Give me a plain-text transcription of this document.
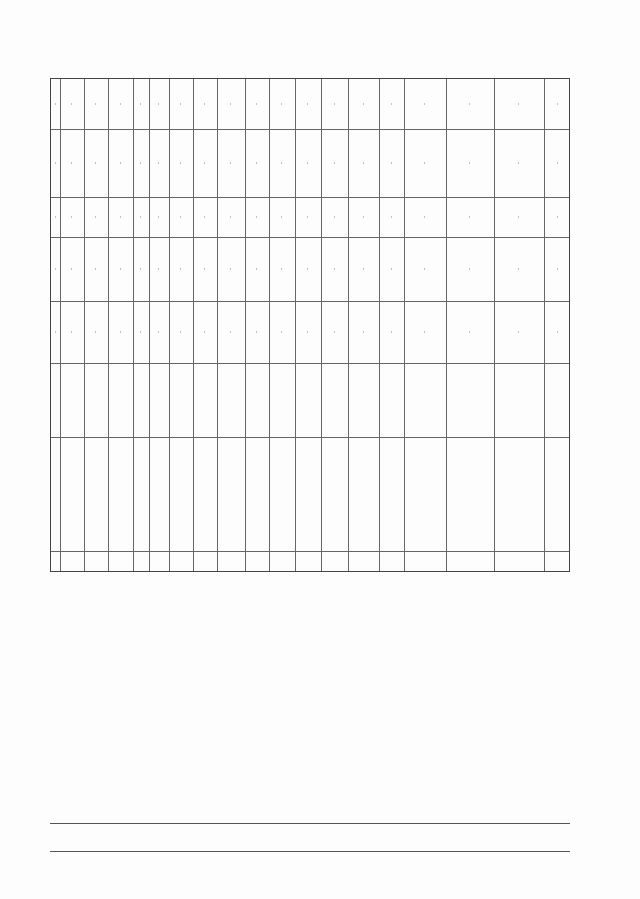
-
-
-
-
-
-
-
-
-
-
-
-
-
-
-
-
-
-
-
-
-
-
-
-
-
-
-
-
-
-
-
-
-
-
-
-
-
-
-
-
-
-
-
-
-
-
-
-
-
-
-
-
-
-
-
-
-
-
-
-
-
-
-
-
-
-
-
-
-
-
-
-
-
-
-
-
-
-
-
-
-
-
-
-
-
-
-
-
-
-
-
-
-
-
-
